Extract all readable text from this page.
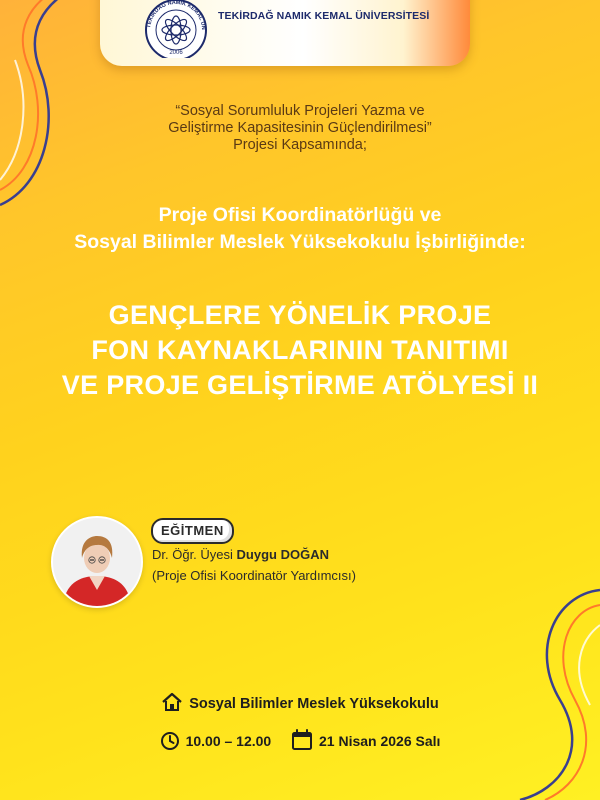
TEKİRDAĞ NAMIK KEMAL ÜN
2006
TEKİRDAĞ NAMIK KEMAL ÜNİVERSİTESİ
“Sosyal Sorumluluk Projeleri Yazma ve
Geliştirme Kapasitesinin Güçlendirilmesi”
Projesi Kapsamında;
Proje Ofisi Koordinatörlüğü ve
Sosyal Bilimler Meslek Yüksekokulu İşbirliğinde:
GENÇLERE YÖNELİK PROJE
FON KAYNAKLARININ TANITIMI
VE PROJE GELİŞTİRME ATÖLYESİ II
EĞİTMEN
Dr. Öğr. Üyesi Duygu DOĞAN
(Proje Ofisi Koordinatör Yardımcısı)
Sosyal Bilimler Meslek Yüksekokulu
10.00 – 12.00	21 Nisan 2026 Salı
